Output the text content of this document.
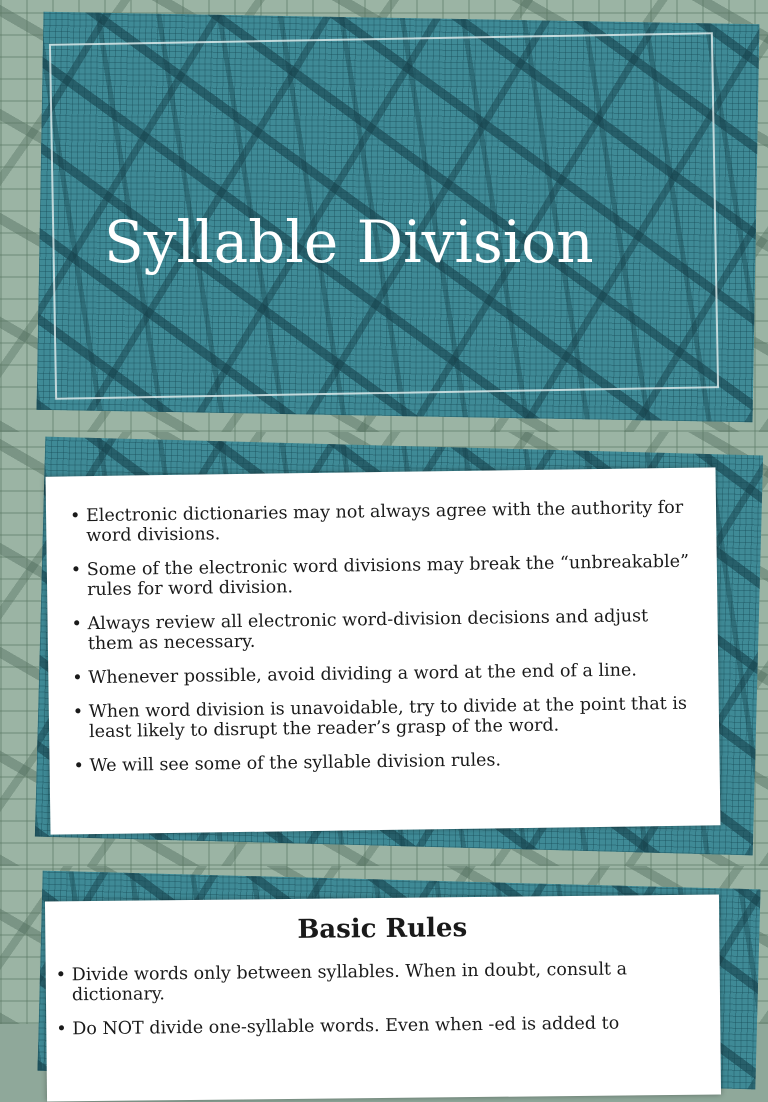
Syllable Division
• Electronic dictionaries may not always agree with the authority for word divisions.
• Some of the electronic word divisions may break the “unbreakable” rules for word division.
• Always review all electronic word-division decisions and adjust them as necessary.
• Whenever possible, avoid dividing a word at the end of a line.
• When word division is unavoidable, try to divide at the point that is least likely to disrupt the reader’s grasp of the word.
• We will see some of the syllable division rules.
Basic Rules
• Divide words only between syllables. When in doubt, consult a dictionary.
• Do NOT divide one-syllable words. Even when -ed is added to
